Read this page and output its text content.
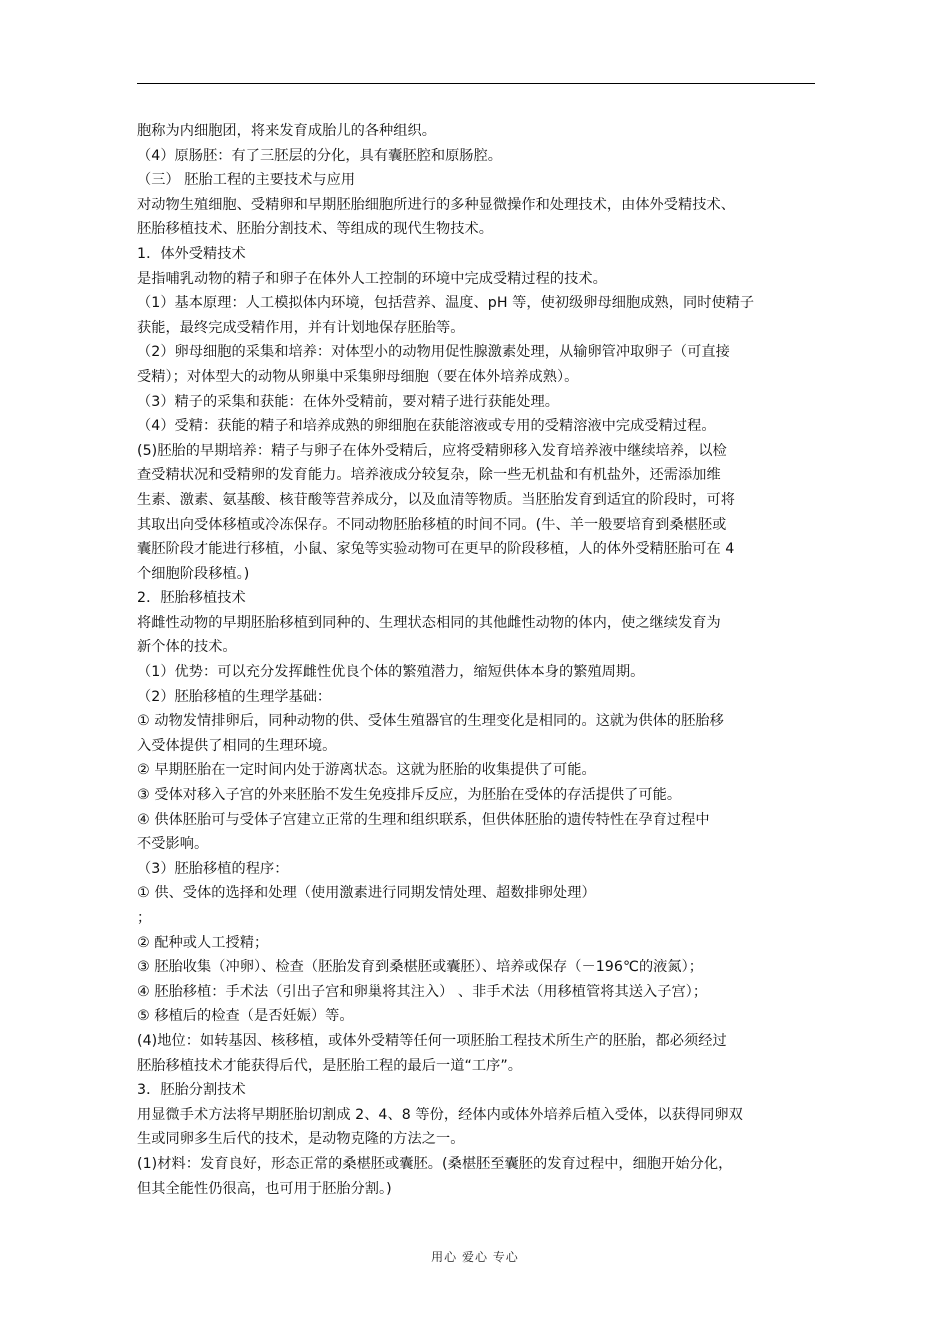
胞称为内细胞团，将来发育成胎儿的各种组织。
（4）原肠胚：有了三胚层的分化，具有囊胚腔和原肠腔。
（三） 胚胎工程的主要技术与应用
对动物生殖细胞、受精卵和早期胚胎细胞所进行的多种显微操作和处理技术，由体外受精技术、
胚胎移植技术、胚胎分割技术、等组成的现代生物技术。
1．体外受精技术
是指哺乳动物的精子和卵子在体外人工控制的环境中完成受精过程的技术。
（1）基本原理：人工模拟体内环境，包括营养、温度、pH 等，使初级卵母细胞成熟，同时使精子
获能，最终完成受精作用，并有计划地保存胚胎等。
（2）卵母细胞的采集和培养：对体型小的动物用促性腺激素处理，从输卵管冲取卵子（可直接
受精）；对体型大的动物从卵巢中采集卵母细胞（要在体外培养成熟）。
（3）精子的采集和获能：在体外受精前，要对精子进行获能处理。
（4）受精：获能的精子和培养成熟的卵细胞在获能溶液或专用的受精溶液中完成受精过程。
(5)胚胎的早期培养：精子与卵子在体外受精后，应将受精卵移入发育培养液中继续培养，以检
查受精状况和受精卵的发育能力。培养液成分较复杂，除一些无机盐和有机盐外，还需添加维
生素、激素、氨基酸、核苷酸等营养成分，以及血清等物质。当胚胎发育到适宜的阶段时，可将
其取出向受体移植或冷冻保存。不同动物胚胎移植的时间不同。(牛、羊一般要培育到桑椹胚或
囊胚阶段才能进行移植，小鼠、家兔等实验动物可在更早的阶段移植，人的体外受精胚胎可在 4
个细胞阶段移植。)
2．胚胎移植技术
将雌性动物的早期胚胎移植到同种的、生理状态相同的其他雌性动物的体内，使之继续发育为
新个体的技术。
（1）优势：可以充分发挥雌性优良个体的繁殖潜力，缩短供体本身的繁殖周期。
（2）胚胎移植的生理学基础：
① 动物发情排卵后，同种动物的供、受体生殖器官的生理变化是相同的。这就为供体的胚胎移
入受体提供了相同的生理环境。
② 早期胚胎在一定时间内处于游离状态。这就为胚胎的收集提供了可能。
③ 受体对移入子宫的外来胚胎不发生免疫排斥反应，为胚胎在受体的存活提供了可能。
④ 供体胚胎可与受体子宫建立正常的生理和组织联系，但供体胚胎的遗传特性在孕育过程中
不受影响。
（3）胚胎移植的程序：
① 供、受体的选择和处理（使用激素进行同期发情处理、超数排卵处理）
；
② 配种或人工授精；
③ 胚胎收集（冲卵）、检查（胚胎发育到桑椹胚或囊胚）、培养或保存（－196℃的液氮）；
④ 胚胎移植：手术法（引出子宫和卵巢将其注入） 、非手术法（用移植管将其送入子宫）；
⑤ 移植后的检查（是否妊娠）等。
(4)地位：如转基因、核移植，或体外受精等任何一项胚胎工程技术所生产的胚胎，都必须经过
胚胎移植技术才能获得后代，是胚胎工程的最后一道“工序”。
3．胚胎分割技术
用显微手术方法将早期胚胎切割成 2、4、8 等份，经体内或体外培养后植入受体，以获得同卵双
生或同卵多生后代的技术，是动物克隆的方法之一。
(1)材料：发育良好，形态正常的桑椹胚或囊胚。(桑椹胚至囊胚的发育过程中，细胞开始分化，
但其全能性仍很高，也可用于胚胎分割。)
用心 爱心 专心
